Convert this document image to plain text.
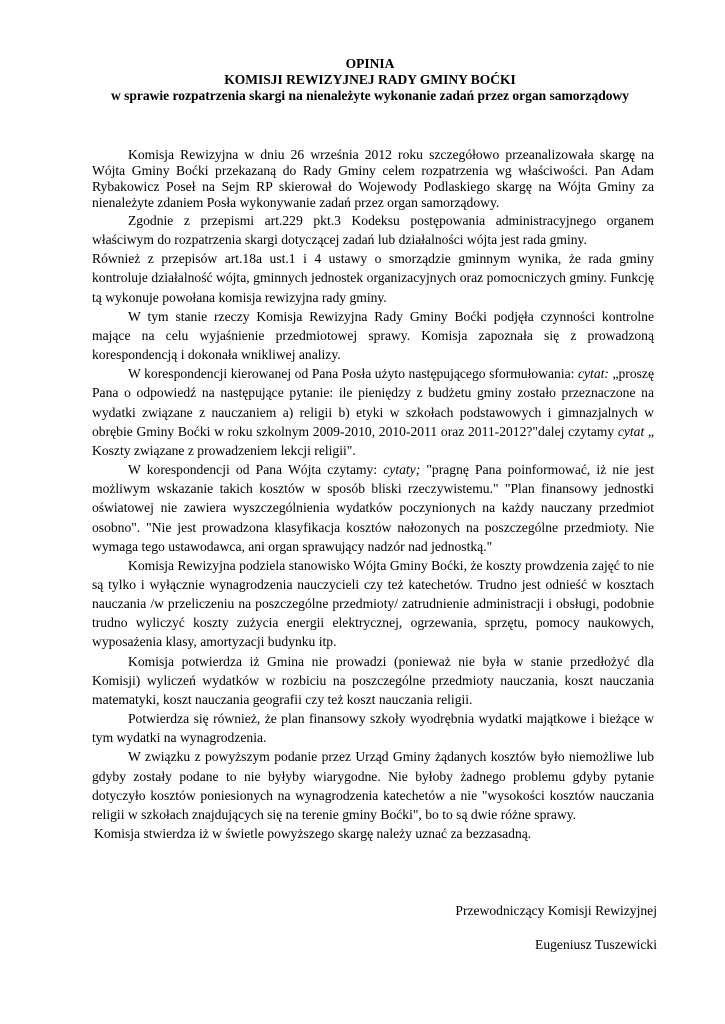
OPINIA
KOMISJI REWIZYJNEJ RADY GMINY BOĆKI
w sprawie rozpatrzenia skargi na nienależyte wykonanie zadań przez organ samorządowy

Komisja Rewizyjna w dniu 26 września 2012 roku szczegółowo przeanalizowała skargę na Wójta Gminy Boćki przekazaną do Rady Gminy celem rozpatrzenia wg właściwości. Pan Adam Rybakowicz Poseł na Sejm RP skierował do Wojewody Podlaskiego skargę na Wójta Gminy za nienależyte zdaniem Posła wykonywanie zadań przez organ samorządowy.

Zgodnie z przepismi art.229 pkt.3 Kodeksu postępowania administracyjnego organem właściwym do rozpatrzenia skargi dotyczącej zadań lub działalności wójta jest rada gminy.

Również z przepisów art.18a ust.1 i 4 ustawy o smorządzie gminnym wynika, że rada gminy kontroluje działalność wójta, gminnych jednostek organizacyjnych oraz pomocniczych gminy. Funkcję tą wykonuje powołana komisja rewizyjna rady gminy.

W tym stanie rzeczy Komisja Rewizyjna Rady Gminy Boćki podjęła czynności kontrolne mające na celu wyjaśnienie przedmiotowej sprawy. Komisja zapoznała się z prowadzoną korespondencją i dokonała wnikliwej analizy.

W korespondencji kierowanej od Pana Posła użyto następującego sformułowania: cytat: „proszę Pana o odpowiedź na następujące pytanie: ile pieniędzy z budżetu gminy zostało przeznaczone na wydatki związane z nauczaniem a) religii b) etyki w szkołach podstawowych i gimnazjalnych w obrębie Gminy Boćki w roku szkolnym 2009-2010, 2010-2011 oraz 2011-2012?"dalej czytamy cytat „ Koszty związane z prowadzeniem lekcji religii".

W korespondencji od Pana Wójta czytamy: cytaty; "pragnę Pana poinformować, iż nie jest możliwym wskazanie takich kosztów w sposób bliski rzeczywistemu." "Plan finansowy jednostki oświatowej nie zawiera wyszczególnienia wydatków poczynionych na każdy nauczany przedmiot osobno". "Nie jest prowadzona klasyfikacja kosztów nałozonych na poszczególne przedmioty. Nie wymaga tego ustawodawca, ani organ sprawujący nadzór nad jednostką."

Komisja Rewizyjna podziela stanowisko Wójta Gminy Boćki, że koszty prowdzenia zajęć to nie są tylko i wyłącznie wynagrodzenia nauczycieli czy też katechetów. Trudno jest odnieść w kosztach nauczania /w przeliczeniu na poszczególne przedmioty/ zatrudnienie administracji i obsługi, podobnie trudno wyliczyć koszty zużycia energii elektrycznej, ogrzewania, sprzętu, pomocy naukowych, wyposażenia klasy, amortyzacji budynku itp.

Komisja potwierdza iż Gmina nie prowadzi (ponieważ nie była w stanie przedłożyć dla Komisji) wyliczeń wydatków w rozbiciu na poszczególne przedmioty nauczania, koszt nauczania matematyki, koszt nauczania geografii czy też koszt nauczania religii.

Potwierdza się również, że plan finansowy szkoły wyodrębnia wydatki majątkowe i bieżące w tym wydatki na wynagrodzenia.

W związku z powyższym podanie przez Urząd Gminy żądanych kosztów było niemożliwe lub gdyby zostały podane to nie byłyby wiarygodne. Nie byłoby żadnego problemu gdyby pytanie dotyczyło kosztów poniesionych na wynagrodzenia katechetów a nie "wysokości kosztów nauczania religii w szkołach znajdujących się na terenie gminy Boćki", bo to są dwie różne sprawy.

Komisja stwierdza iż w świetle powyższego skargę należy uznać za bezzasadną.

Przewodniczący Komisji Rewizyjnej
Eugeniusz Tuszewicki
